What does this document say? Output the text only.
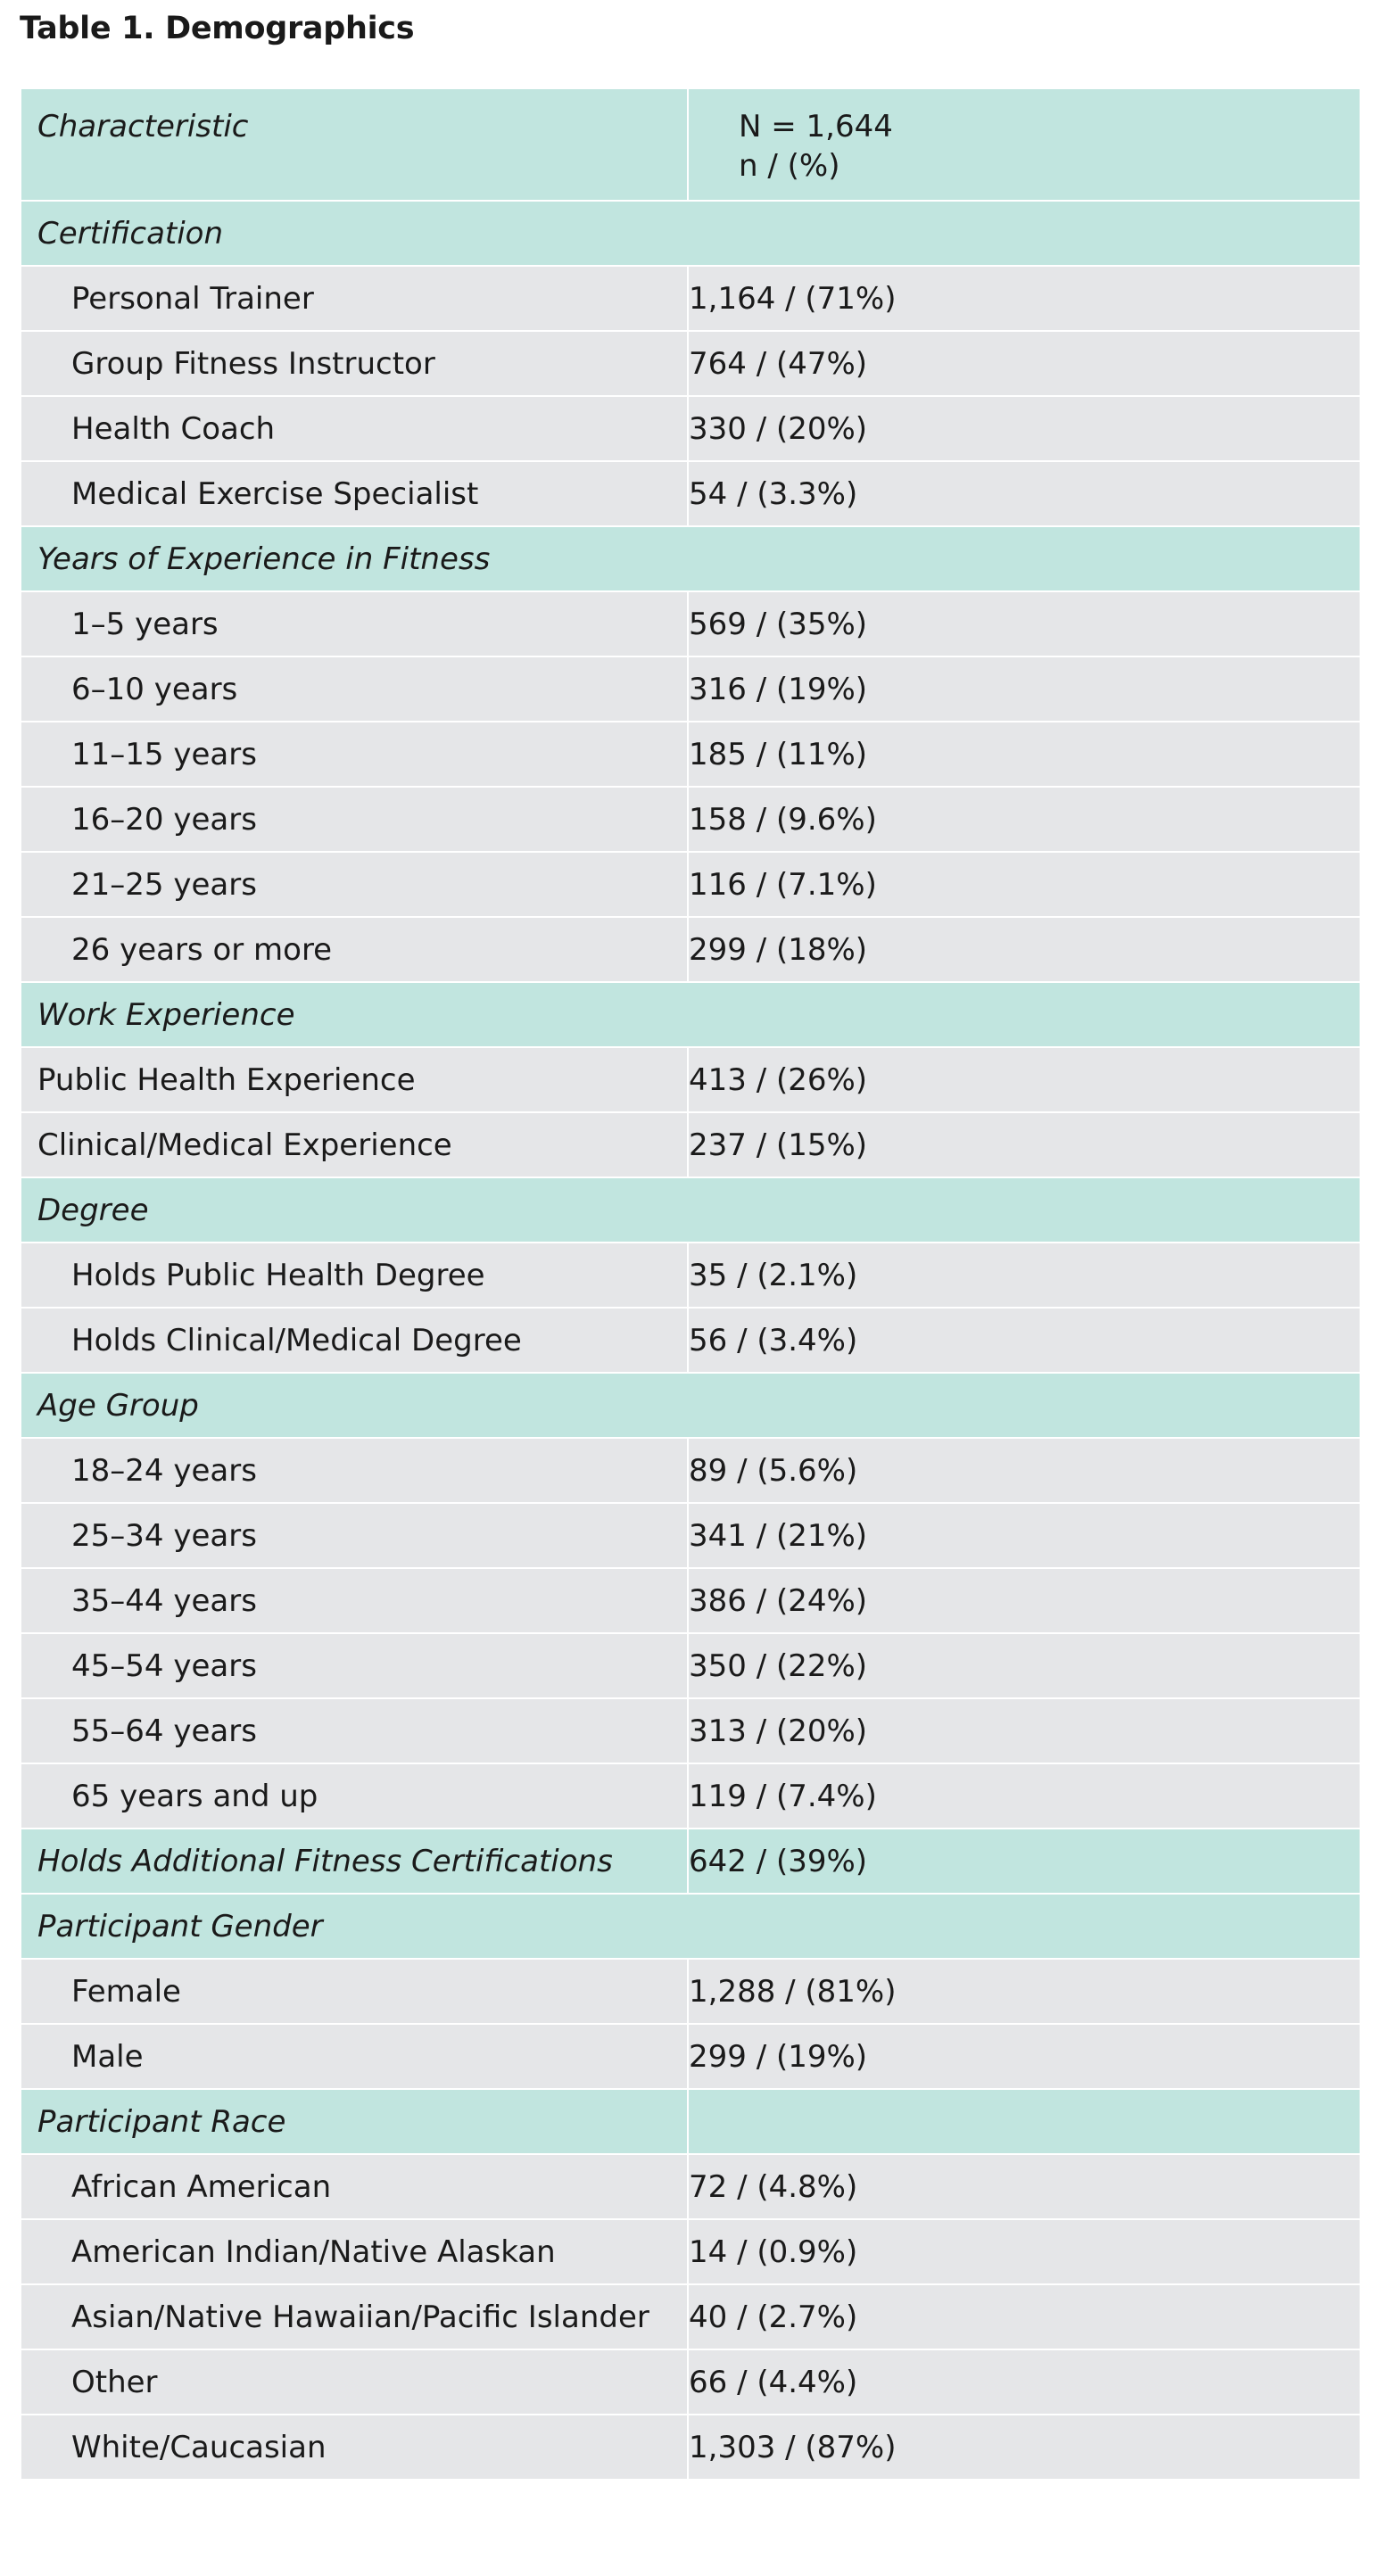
Table 1. Demographics
Characteristic	N = 1,644
n / (%)

Certification	
Personal Trainer	1,164 / (71%)
Group Fitness Instructor	764 / (47%)
Health Coach	330 / (20%)
Medical Exercise Specialist	54 / (3.3%)
Years of Experience in Fitness	
1–5 years	569 / (35%)
6–10 years	316 / (19%)
11–15 years	185 / (11%)
16–20 years	158 / (9.6%)
21–25 years	116 / (7.1%)
26 years or more	299 / (18%)
Work Experience	
Public Health Experience	413 / (26%)
Clinical/Medical Experience	237 / (15%)
Degree	
Holds Public Health Degree	35 / (2.1%)
Holds Clinical/Medical Degree	56 / (3.4%)
Age Group	
18–24 years	89 / (5.6%)
25–34 years	341 / (21%)
35–44 years	386 / (24%)
45–54 years	350 / (22%)
55–64 years	313 / (20%)
65 years and up	119 / (7.4%)
Holds Additional Fitness Certifications	642 / (39%)
Participant Gender	
Female	1,288 / (81%)
Male	299 / (19%)
Participant Race	
African American	72 / (4.8%)
American Indian/Native Alaskan	14 / (0.9%)
Asian/Native Hawaiian/Pacific Islander	40 / (2.7%)
Other	66 / (4.4%)
White/Caucasian	1,303 / (87%)
